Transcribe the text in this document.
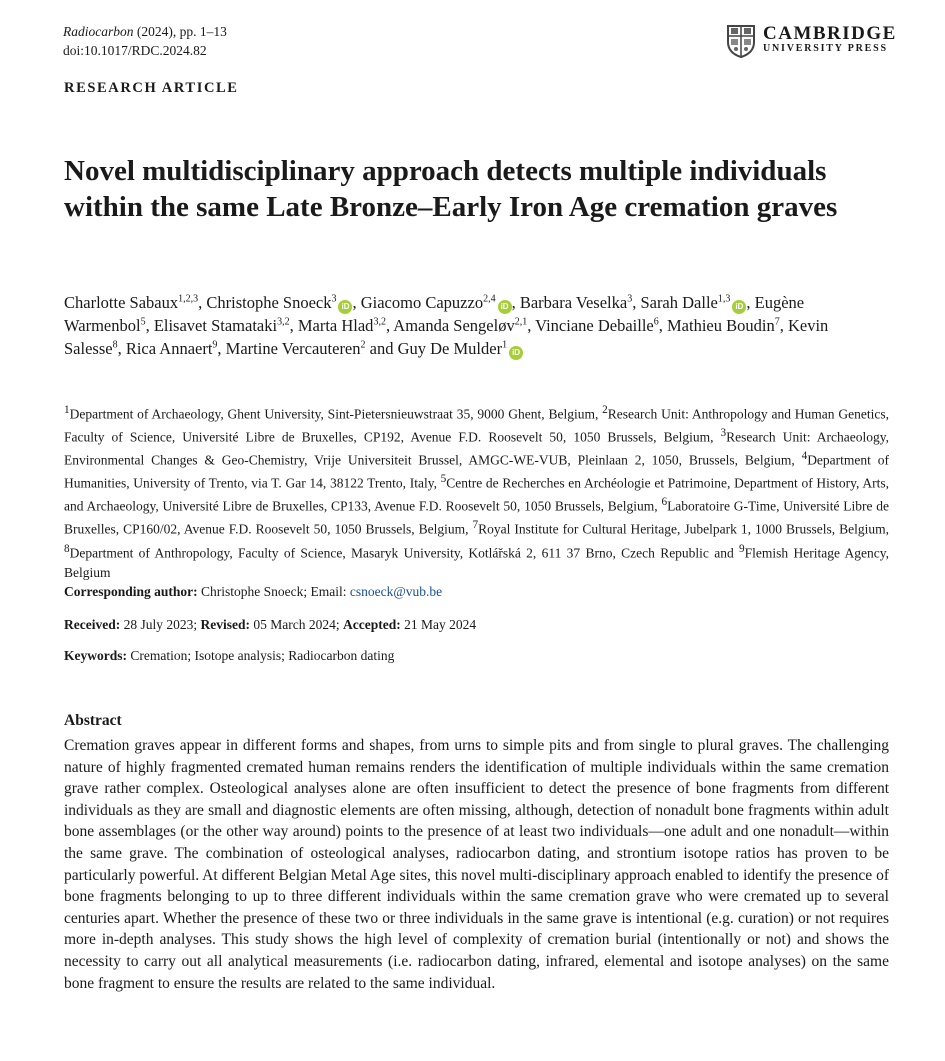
Radiocarbon (2024), pp. 1–13
doi:10.1017/RDC.2024.82
CAMBRIDGE
UNIVERSITY PRESS
RESEARCH ARTICLE
Novel multidisciplinary approach detects multiple individuals within the same Late Bronze–Early Iron Age cremation graves
Charlotte Sabaux$^{1,2,3}$, Christophe Snoeck$^3$iD , Giacomo Capuzzo$^{2,4}$iD , Barbara Veselka$^3$, Sarah Dalle$^{1,3}$iD , Eugène Warmenbol$^5$, Elisavet Stamataki$^{3,2}$, Marta Hlad$^{3,2}$, Amanda Sengeløv$^{2,1}$, Vinciane Debaille$^6$, Mathieu Boudin$^7$, Kevin Salesse$^8$, Rica Annaert$^9$, Martine Vercauteren$^2$ and Guy De Mulder$^1$iD
$^1$Department of Archaeology, Ghent University, Sint-Pietersnieuwstraat 35, 9000 Ghent, Belgium, $^2$Research Unit: Anthropology and Human Genetics, Faculty of Science, Université Libre de Bruxelles, CP192, Avenue F.D. Roosevelt 50, 1050 Brussels, Belgium, $^3$Research Unit: Archaeology, Environmental Changes & Geo-Chemistry, Vrije Universiteit Brussel, AMGC-WE-VUB, Pleinlaan 2, 1050, Brussels, Belgium, $^4$Department of Humanities, University of Trento, via T. Gar 14, 38122 Trento, Italy, $^5$Centre de Recherches en Archéologie et Patrimoine, Department of History, Arts, and Archaeology, Université Libre de Bruxelles, CP133, Avenue F.D. Roosevelt 50, 1050 Brussels, Belgium, $^6$Laboratoire G-Time, Université Libre de Bruxelles, CP160/02, Avenue F.D. Roosevelt 50, 1050 Brussels, Belgium, $^7$Royal Institute for Cultural Heritage, Jubelpark 1, 1000 Brussels, Belgium, $^8$Department of Anthropology, Faculty of Science, Masaryk University, Kotlářská 2, 611 37 Brno, Czech Republic and $^9$Flemish Heritage Agency, Belgium
Corresponding author: Christophe Snoeck; Email: csnoeck@vub.be
Received: 28 July 2023; Revised: 05 March 2024; Accepted: 21 May 2024
Keywords: Cremation; Isotope analysis; Radiocarbon dating
Abstract
Cremation graves appear in different forms and shapes, from urns to simple pits and from single to plural graves. The challenging nature of highly fragmented cremated human remains renders the identification of multiple individuals within the same cremation grave rather complex. Osteological analyses alone are often insufficient to detect the presence of bone fragments from different individuals as they are small and diagnostic elements are often missing, although, detection of nonadult bone fragments within adult bone assemblages (or the other way around) points to the presence of at least two individuals—one adult and one nonadult—within the same grave. The combination of osteological analyses, radiocarbon dating, and strontium isotope ratios has proven to be particularly powerful. At different Belgian Metal Age sites, this novel multi-disciplinary approach enabled to identify the presence of bone fragments belonging to up to three different individuals within the same cremation grave who were cremated up to several centuries apart. Whether the presence of these two or three individuals in the same grave is intentional (e.g. curation) or not requires more in-depth analyses. This study shows the high level of complexity of cremation burial (intentionally or not) and shows the necessity to carry out all analytical measurements (i.e. radiocarbon dating, infrared, elemental and isotope analyses) on the same bone fragment to ensure the results are related to the same individual.
